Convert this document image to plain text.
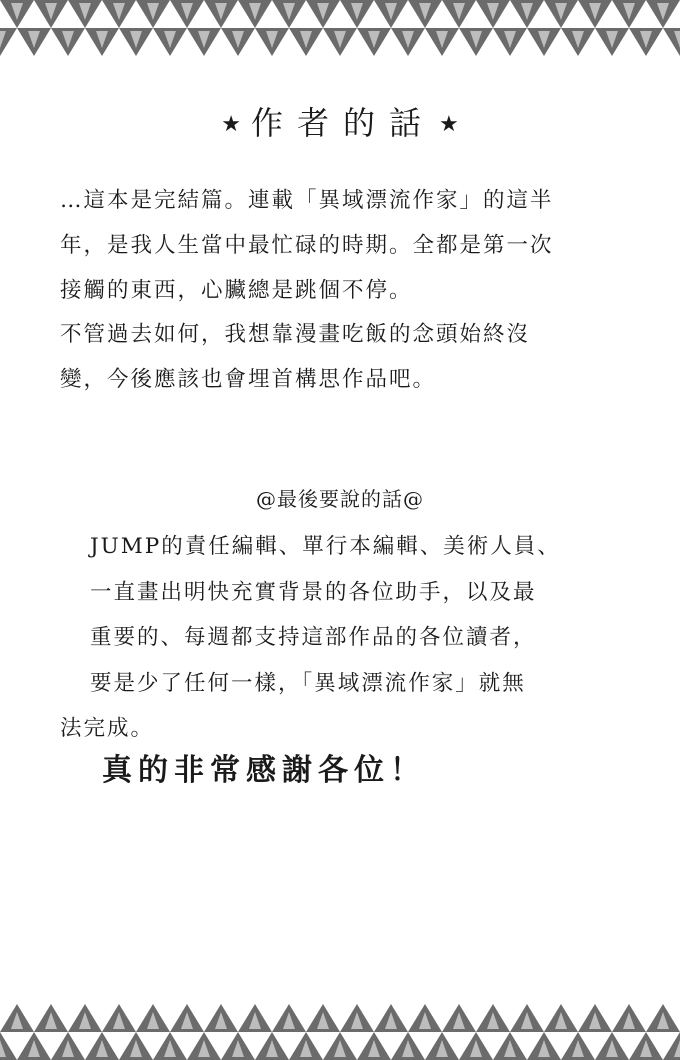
★ 作者的話 ★
…這本是完結篇。連載「異域漂流作家」的這半
年，是我人生當中最忙碌的時期。全都是第一次
接觸的東西，心臟總是跳個不停。
不管過去如何，我想靠漫畫吃飯的念頭始終沒
變，今後應該也會埋首構思作品吧。
@最後要說的話@
JUMP的責任編輯、單行本編輯、美術人員、
一直畫出明快充實背景的各位助手，以及最
重要的、每週都支持這部作品的各位讀者，
要是少了任何一樣，「異域漂流作家」就無
法完成。
真的非常感謝各位！
